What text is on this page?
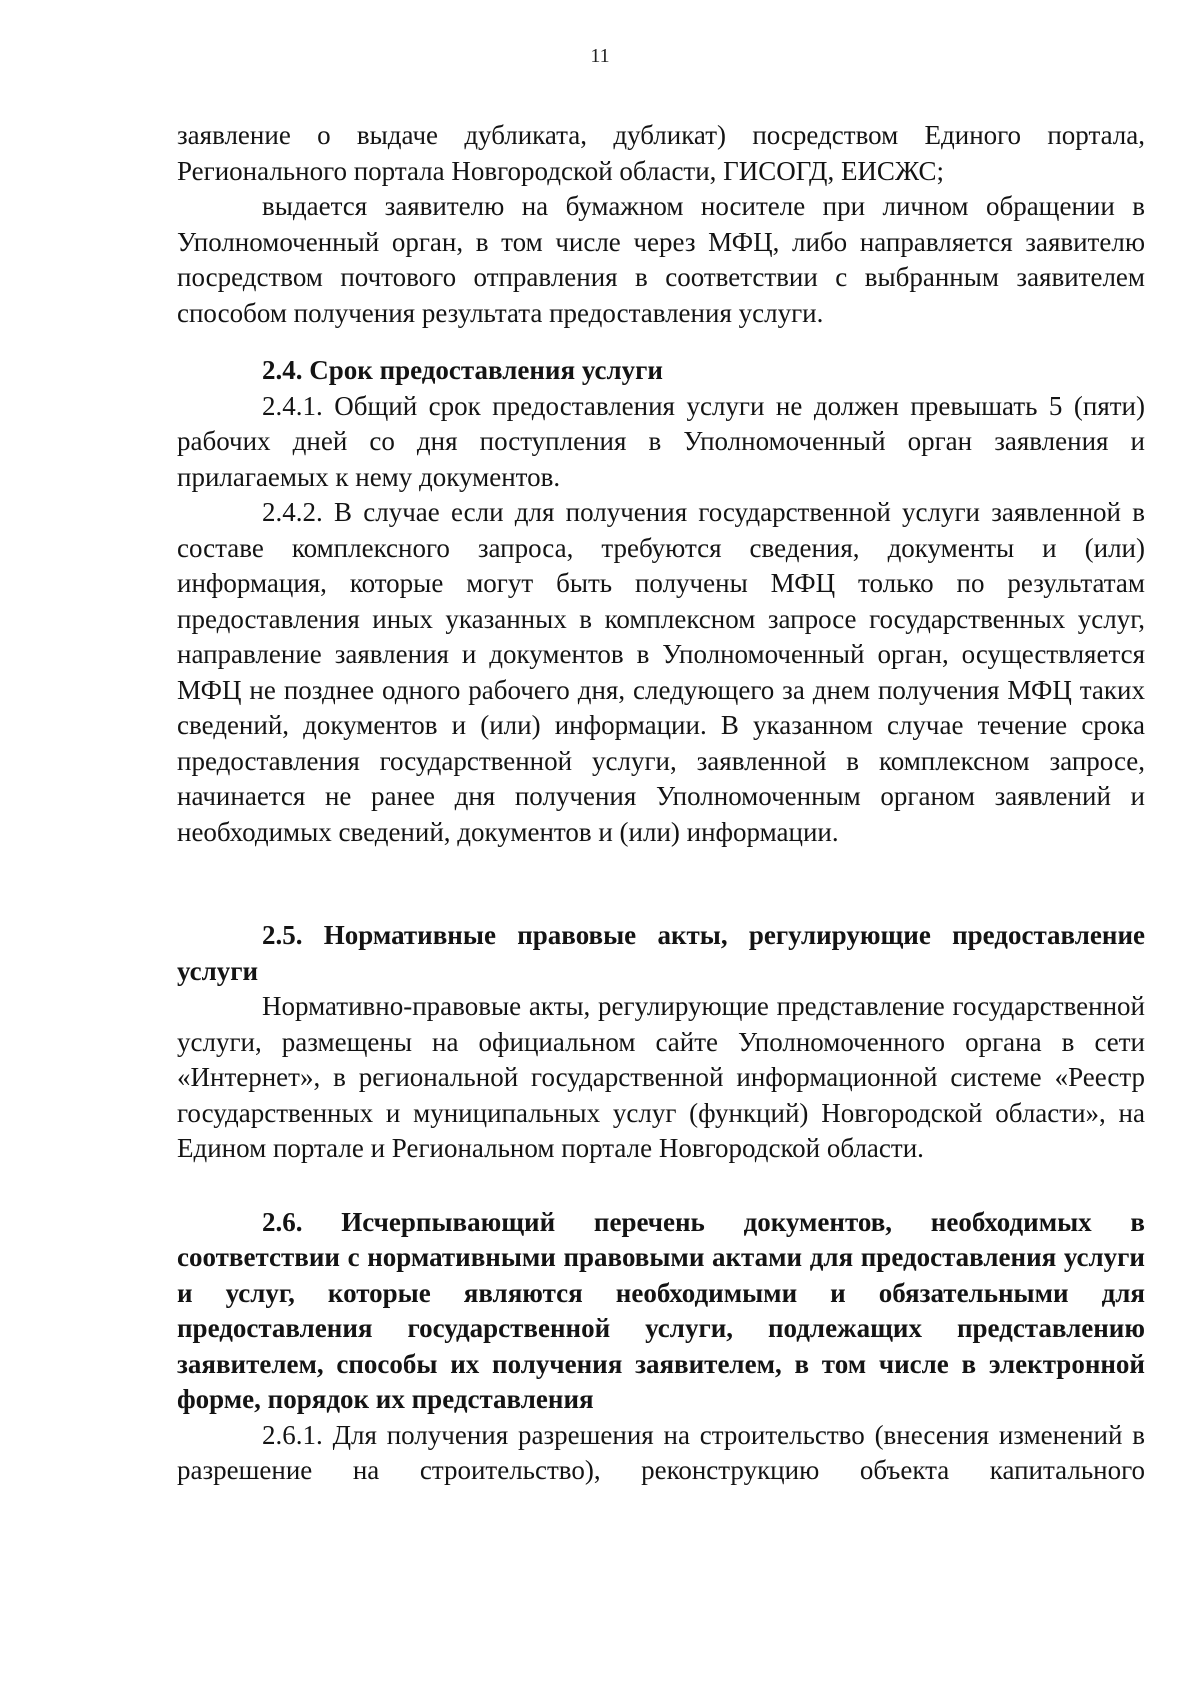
11

заявление о выдаче дубликата, дубликат) посредством Единого портала, Регионального портала Новгородской области, ГИСОГД, ЕИСЖС;

выдается заявителю на бумажном носителе при личном обращении в Уполномоченный орган, в том числе через МФЦ, либо направляется заявителю посредством почтового отправления в соответствии с выбранным заявителем способом получения результата предоставления услуги.

2.4. Срок предоставления услуги

2.4.1. Общий срок предоставления услуги не должен превышать 5 (пяти) рабочих дней со дня поступления в Уполномоченный орган заявления и прилагаемых к нему документов.

2.4.2. В случае если для получения государственной услуги заявленной в составе комплексного запроса, требуются сведения, документы и (или) информация, которые могут быть получены МФЦ только по результатам предоставления иных указанных в комплексном запросе государственных услуг, направление заявления и документов в Уполномоченный орган, осуществляется МФЦ не позднее одного рабочего дня, следующего за днем получения МФЦ таких сведений, документов и (или) информации. В указанном случае течение срока предоставления государственной услуги, заявленной в комплексном запросе, начинается не ранее дня получения Уполномоченным органом заявлений и необходимых сведений, документов и (или) информации.

2.5. Нормативные правовые акты, регулирующие предоставление услуги

Нормативно-правовые акты, регулирующие представление государственной услуги, размещены на официальном сайте Уполномоченного органа в сети «Интернет», в региональной государственной информационной системе «Реестр государственных и муниципальных услуг (функций) Новгородской области», на Едином портале и Региональном портале Новгородской области.

2.6. Исчерпывающий перечень документов, необходимых в соответствии с нормативными правовыми актами для предоставления услуги и услуг, которые являются необходимыми и обязательными для предоставления государственной услуги, подлежащих представлению заявителем, способы их получения заявителем, в том числе в электронной форме, порядок их представления

2.6.1. Для получения разрешения на строительство (внесения изменений в разрешение на строительство), реконструкцию объекта капитального
